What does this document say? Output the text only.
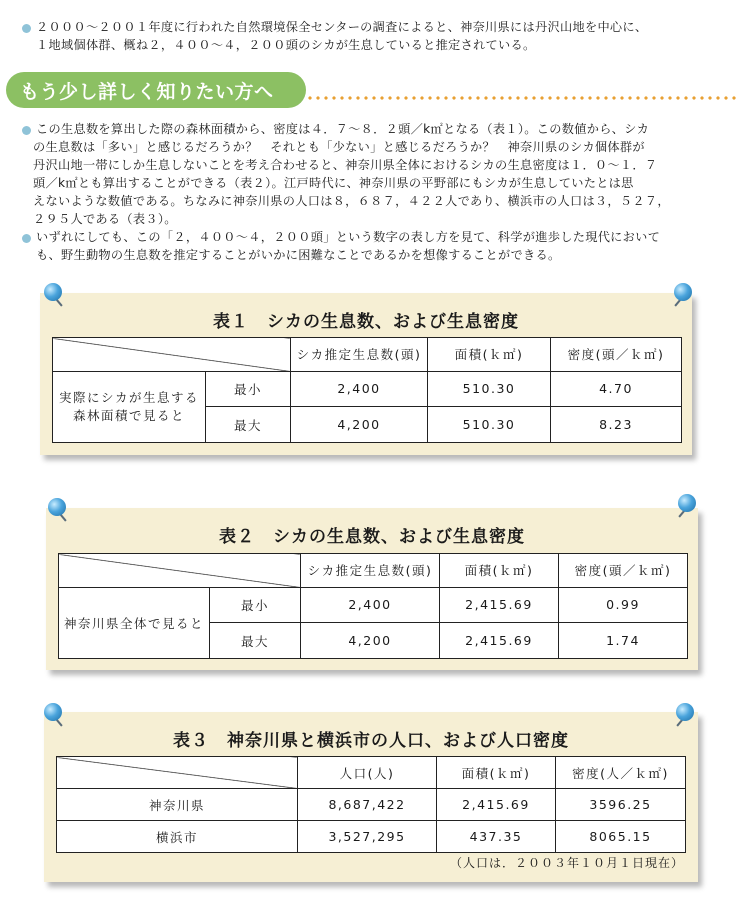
２０００〜２００１年度に行われた自然環境保全センターの調査によると、神奈川県には丹沢山地を中心に、
１地域個体群、概ね２，４００〜４，２００頭のシカが生息していると推定されている。
もう少し詳しく知りたい方へ
この生息数を算出した際の森林面積から、密度は４．７〜８．２頭／k㎡となる（表１）。この数値から、シカ
の生息数は「多い」と感じるだろうか？　それとも「少ない」と感じるだろうか？　神奈川県のシカ個体群が
丹沢山地一帯にしか生息しないことを考え合わせると、神奈川県全体におけるシカの生息密度は１．０〜１．７
頭／k㎡とも算出することができる（表２）。江戸時代に、神奈川県の平野部にもシカが生息していたとは思
えないような数値である。ちなみに神奈川県の人口は８，６８７，４２２人であり、横浜市の人口は３，５２７，
２９５人である（表３）。
いずれにしても、この「２，４００〜４，２００頭」という数字の表し方を見て、科学が進歩した現代において
も、野生動物の生息数を推定することがいかに困難なことであるかを想像することができる。
表１　シカの生息数、および生息密度
		シカ推定生息数(頭)	面積(ｋ㎡)	密度(頭／ｋ㎡)
実際にシカが生息する
森林面積で見ると	最小	2,400	510.30	4.70
	最大	4,200	510.30	8.23
表２　シカの生息数、および生息密度
		シカ推定生息数(頭)	面積(ｋ㎡)	密度(頭／ｋ㎡)
神奈川県全体で見ると	最小	2,400	2,415.69	0.99
	最大	4,200	2,415.69	1.74
表３　神奈川県と横浜市の人口、および人口密度
	人口(人)	面積(ｋ㎡)	密度(人／ｋ㎡)
神奈川県	8,687,422	2,415.69	3596.25
横浜市	3,527,295	437.35	8065.15
（人口は．２００３年１０月１日現在）
